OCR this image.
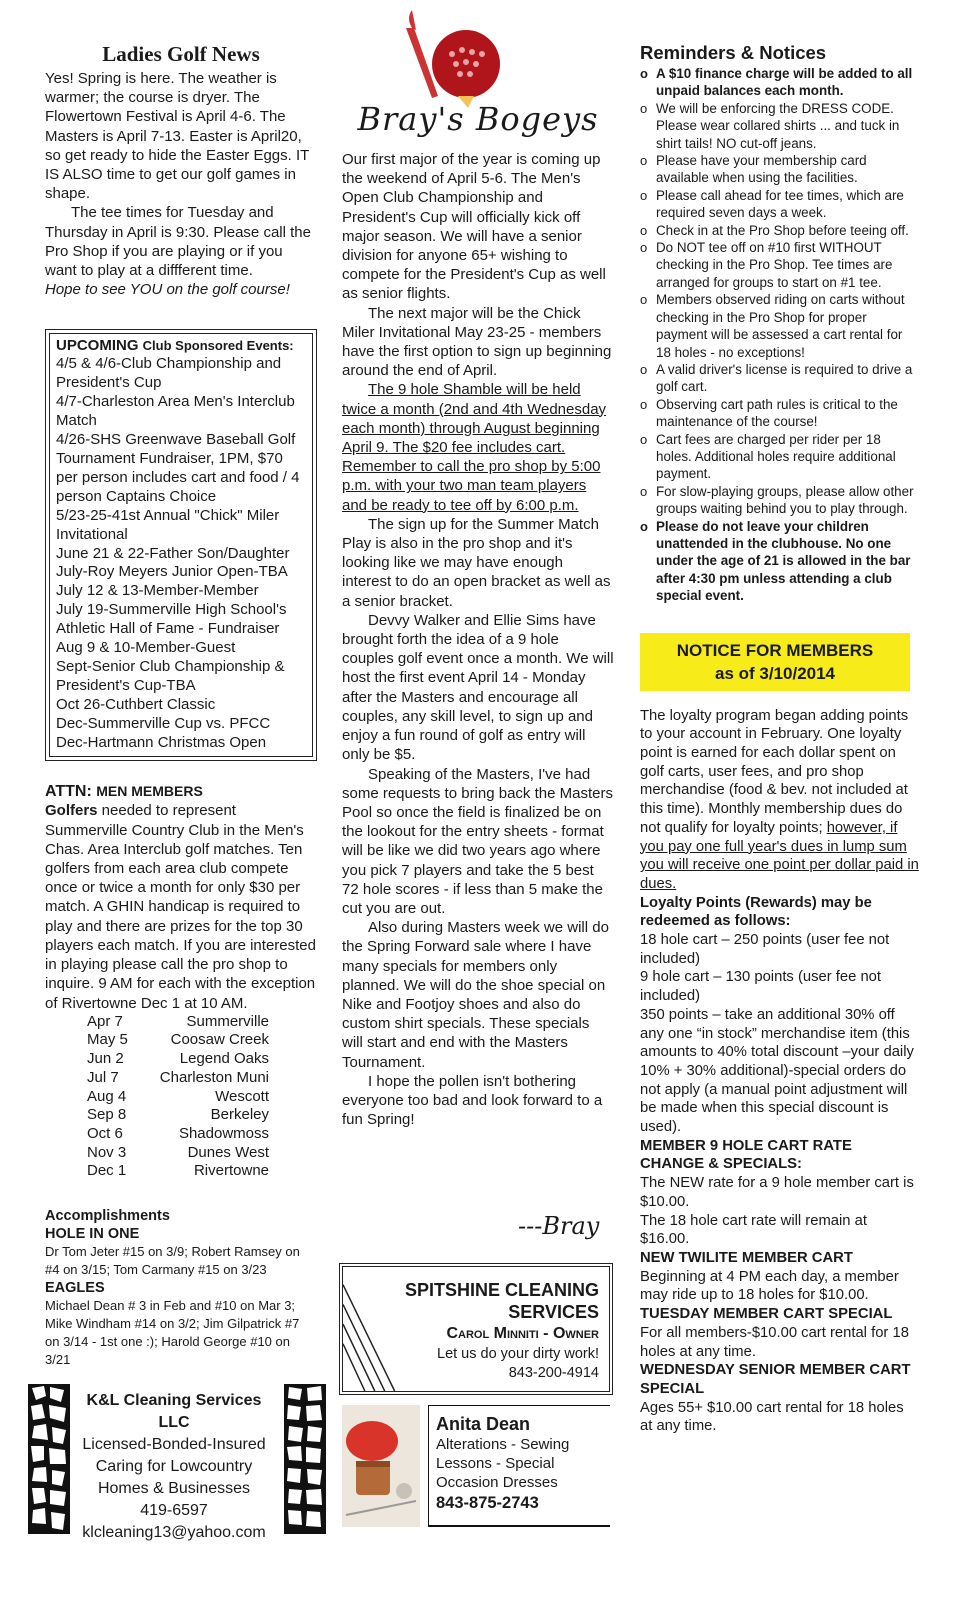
Ladies Golf News

Yes! Spring is here. The weather is warmer; the course is dryer. The Flowertown Festival is April 4-6. The Masters is April 7-13. Easter is April20, so get ready to hide the Easter Eggs. IT IS ALSO time to get our golf games in shape.

The tee times for Tuesday and Thursday in April is 9:30. Please call the Pro Shop if you are playing or if you want to play at a diffferent time.

Hope to see YOU on the golf course!

UPCOMING Club Sponsored Events:
4/5 & 4/6-Club Championship and President's Cup
4/7-Charleston Area Men's Interclub Match
4/26-SHS Greenwave Baseball Golf Tournament Fundraiser, 1PM, $70 per person includes cart and food / 4 person Captains Choice
5/23-25-41st Annual "Chick" Miler Invitational
June 21 & 22-Father Son/Daughter
July-Roy Meyers Junior Open-TBA
July 12 & 13-Member-Member
July 19-Summerville High School's Athletic Hall of Fame - Fundraiser
Aug 9 & 10-Member-Guest
Sept-Senior Club Championship & President's Cup-TBA
Oct 26-Cuthbert Classic
Dec-Summerville Cup vs. PFCC
Dec-Hartmann Christmas Open
ATTN: MEN MEMBERS

Golfers needed to represent Summerville Country Club in the Men's Chas. Area Interclub golf matches. Ten golfers from each area club compete once or twice a month for only $30 per match. A GHIN handicap is required to play and there are prizes for the top 30 players each match. If you are interested in playing please call the pro shop to inquire. 9 AM for each with the exception of Rivertowne Dec 1 at 10 AM.

Apr 7	Summerville
May 5	Coosaw Creek
Jun 2	Legend Oaks
Jul 7	Charleston Muni
Aug 4	Wescott
Sep 8	Berkeley
Oct 6	Shadowmoss
Nov 3	Dunes West
Dec 1	Rivertowne
Accomplishments
HOLE IN ONE
Dr Tom Jeter #15 on 3/9; Robert Ramsey on #4 on 3/15; Tom Carmany #15 on 3/23
EAGLES
Michael Dean # 3 in Feb and #10 on Mar 3; Mike Windham #14 on 3/2; Jim Gilpatrick #7 on 3/14 - 1st one :); Harold George #10 on 3/21
K&L Cleaning Services LLC
Licensed-Bonded-Insured
Caring for Lowcountry
Homes & Businesses
419-6597
klcleaning13@yahoo.com
Bray's Bogeys

Our first major of the year is coming up the weekend of April 5-6. The Men's Open Club Championship and President's Cup will officially kick off major season. We will have a senior division for anyone 65+ wishing to compete for the President's Cup as well as senior flights.

The next major will be the Chick Miler Invitational May 23-25 - members have the first option to sign up beginning around the end of April.

The 9 hole Shamble will be held twice a month (2nd and 4th Wednesday each month) through August beginning April 9. The $20 fee includes cart. Remember to call the pro shop by 5:00 p.m. with your two man team players and be ready to tee off by 6:00 p.m.

The sign up for the Summer Match Play is also in the pro shop and it's looking like we may have enough interest to do an open bracket as well as a senior bracket.

Devvy Walker and Ellie Sims have brought forth the idea of a 9 hole couples golf event once a month. We will host the first event April 14 - Monday after the Masters and encourage all couples, any skill level, to sign up and enjoy a fun round of golf as entry will only be $5.

Speaking of the Masters, I've had some requests to bring back the Masters Pool so once the field is finalized be on the lookout for the entry sheets - format will be like we did two years ago where you pick 7 players and take the 5 best 72 hole scores - if less than 5 make the cut you are out.

Also during Masters week we will do the Spring Forward sale where I have many specials for members only planned. We will do the shoe special on Nike and Footjoy shoes and also do custom shirt specials. These specials will start and end with the Masters Tournament.

I hope the pollen isn't bothering everyone too bad and look forward to a fun Spring!

---Bray
SPITSHINE CLEANING
SERVICES
Carol Minniti - Owner
Let us do your dirty work!
843-200-4914
Anita Dean
Alterations - Sewing
Lessons - Special
Occasion Dresses
843-875-2743
Reminders & Notices
o A $10 finance charge will be added to all unpaid balances each month.
o We will be enforcing the DRESS CODE. Please wear collared shirts ... and tuck in shirt tails! NO cut-off jeans.
o Please have your membership card available when using the facilities.
o Please call ahead for tee times, which are required seven days a week.
o Check in at the Pro Shop before teeing off.
o Do NOT tee off on #10 first WITHOUT checking in the Pro Shop. Tee times are arranged for groups to start on #1 tee.
o Members observed riding on carts without checking in the Pro Shop for proper payment will be assessed a cart rental for 18 holes - no exceptions!
o A valid driver's license is required to drive a golf cart.
o Observing cart path rules is critical to the maintenance of the course!
o Cart fees are charged per rider per 18 holes. Additional holes require additional payment.
o For slow-playing groups, please allow other groups waiting behind you to play through.
o Please do not leave your children unattended in the clubhouse. No one under the age of 21 is allowed in the bar after 4:30 pm unless attending a club special event.
NOTICE FOR MEMBERS
as of 3/10/2014

The loyalty program began adding points to your account in February. One loyalty point is earned for each dollar spent on golf carts, user fees, and pro shop merchandise (food & bev. not included at this time). Monthly membership dues do not qualify for loyalty points; however, if you pay one full year's dues in lump sum you will receive one point per dollar paid in dues.

Loyalty Points (Rewards) may be redeemed as follows:

18 hole cart – 250 points (user fee not included)

9 hole cart – 130 points (user fee not included)

350 points – take an additional 30% off any one “in stock” merchandise item (this amounts to 40% total discount –your daily 10% + 30% additional)-special orders do not apply (a manual point adjustment will be made when this special discount is used).

MEMBER 9 HOLE CART RATE CHANGE & SPECIALS:

The NEW rate for a 9 hole member cart is $10.00.

The 18 hole cart rate will remain at $16.00.

NEW TWILITE MEMBER CART

Beginning at 4 PM each day, a member may ride up to 18 holes for $10.00.

TUESDAY MEMBER CART SPECIAL

For all members-$10.00 cart rental for 18 holes at any time.

WEDNESDAY SENIOR MEMBER CART SPECIAL

Ages 55+ $10.00 cart rental for 18 holes at any time.
